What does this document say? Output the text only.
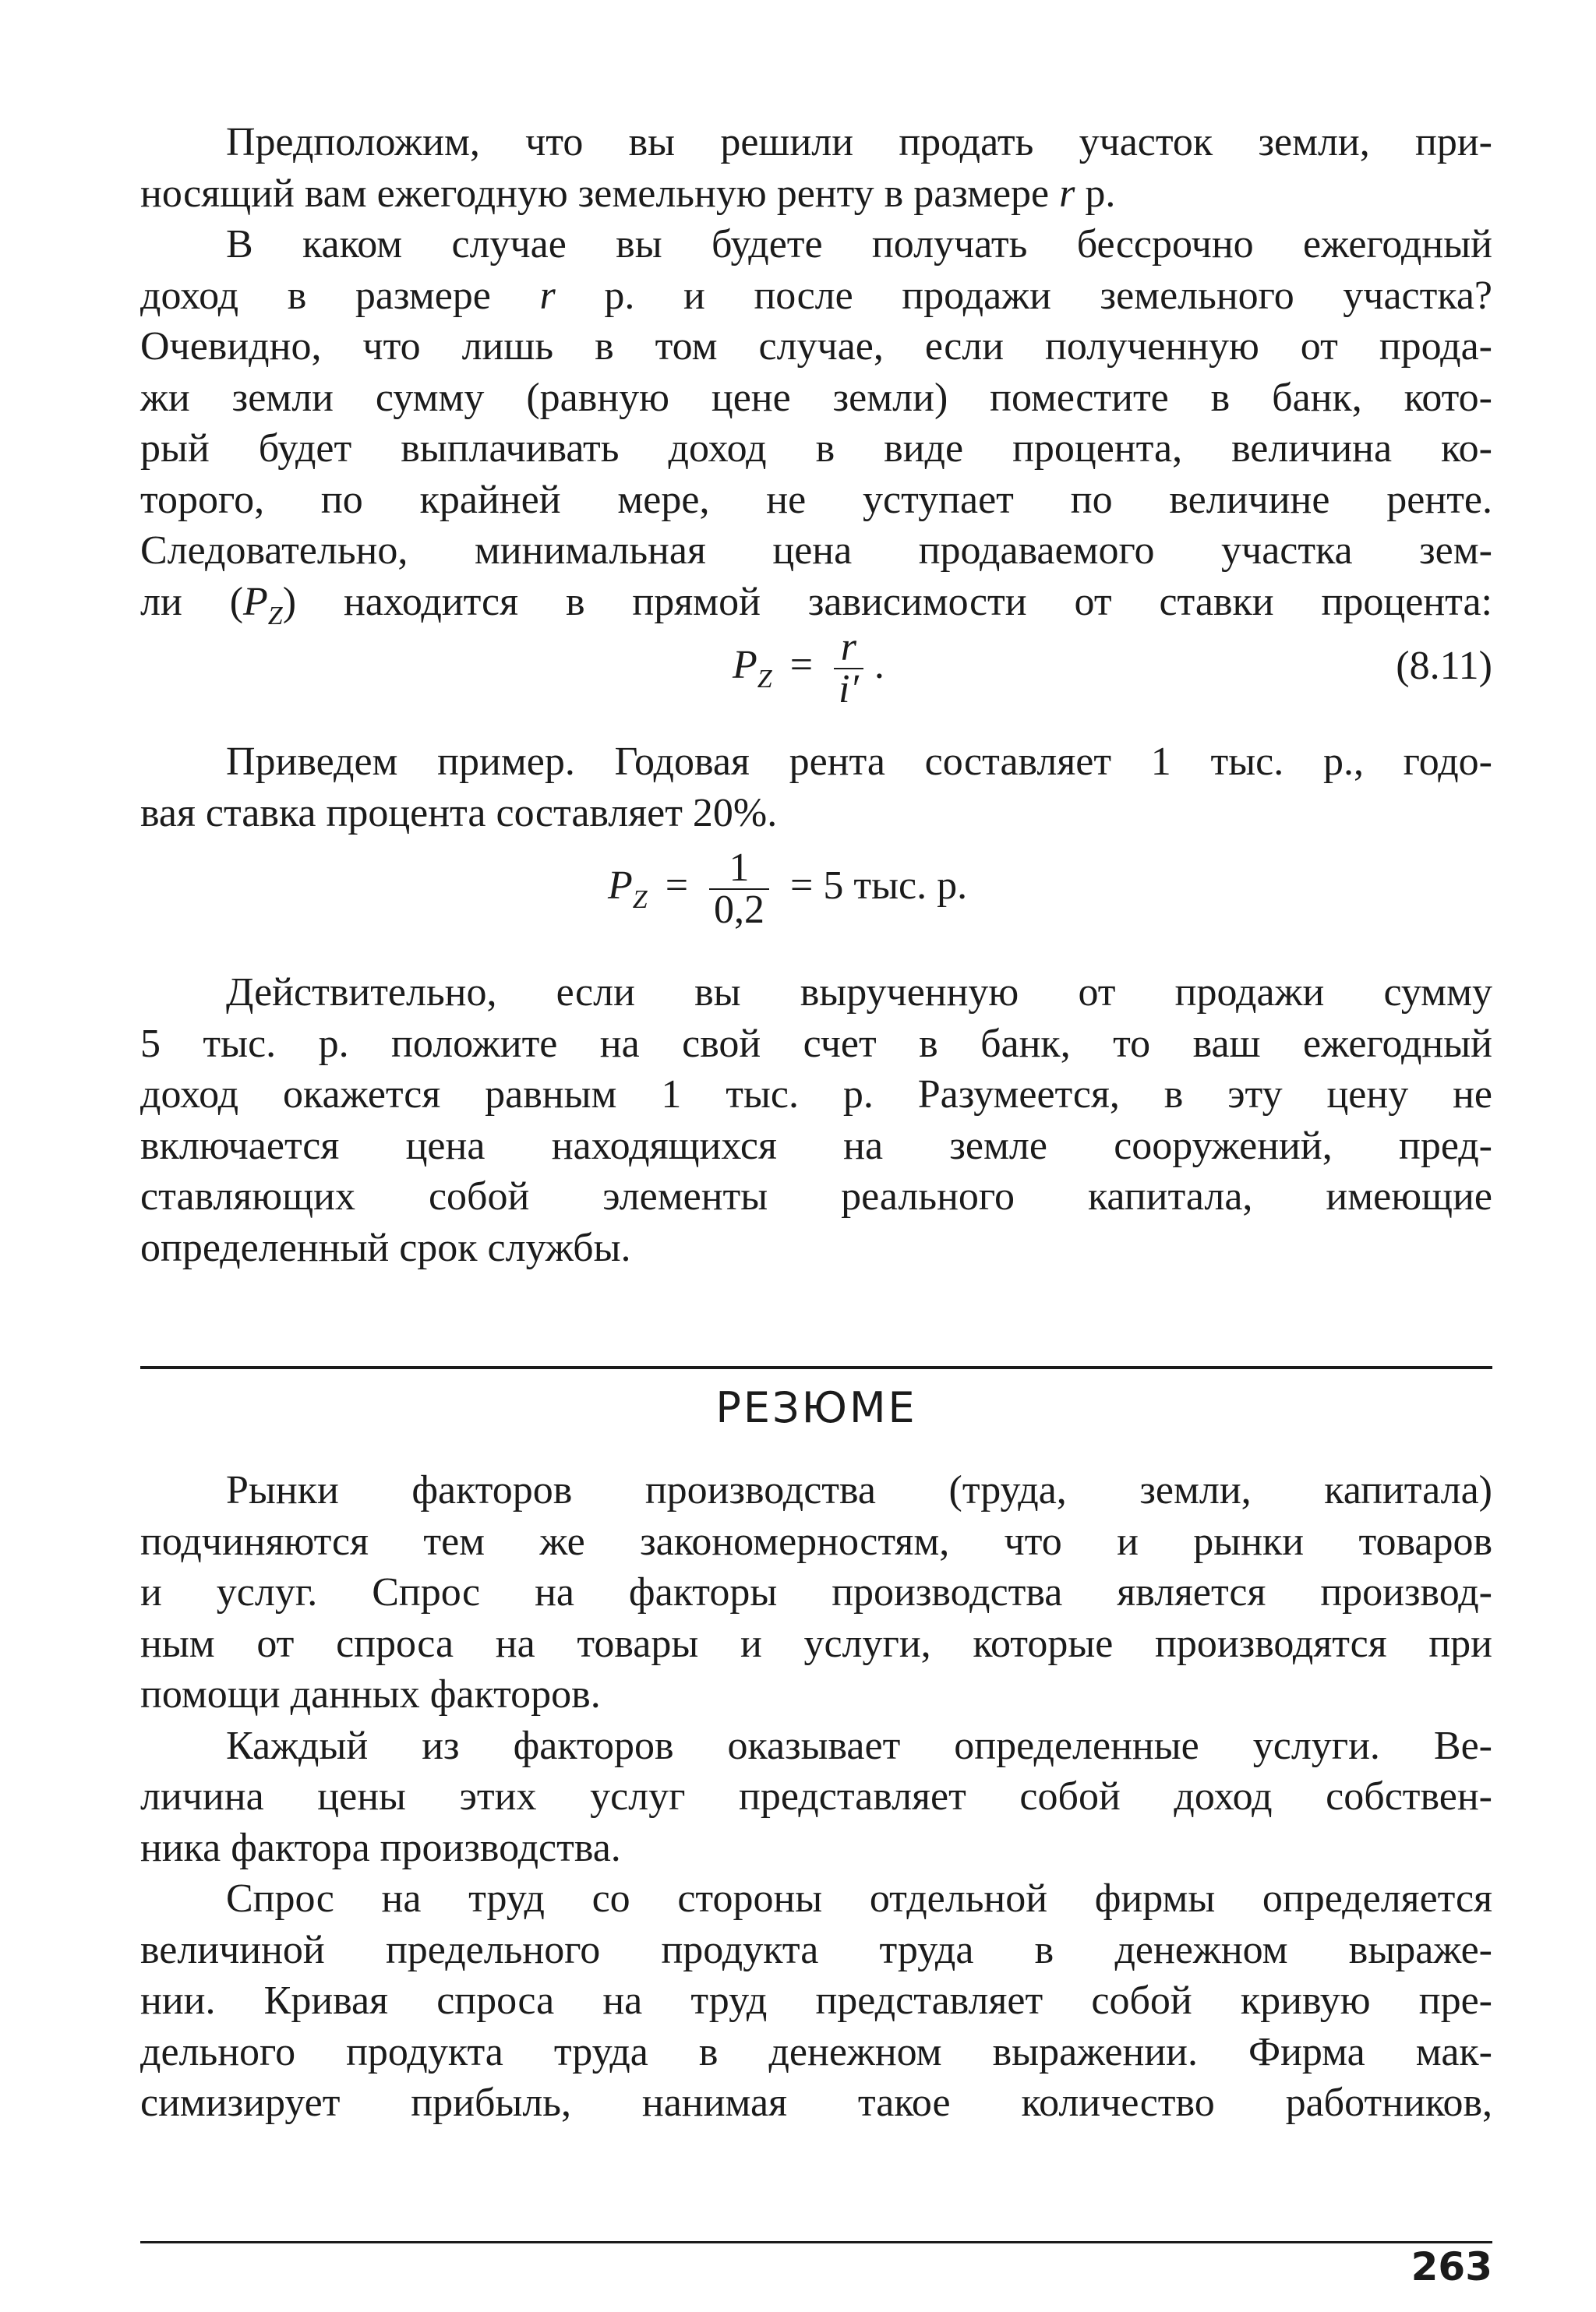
Предположим, что вы решили продать участок земли, при-
носящий вам ежегодную земельную ренту в размере r р.
В каком случае вы будете получать бессрочно ежегодный
доход в размере r р. и после продажи земельного участка?
Очевидно, что лишь в том случае, если полученную от прода-
жи земли сумму (равную цене земли) поместите в банк, кото-
рый будет выплачивать доход в виде процента, величина ко-
торого, по крайней мере, не уступает по величине ренте.
Следовательно, минимальная цена продаваемого участка зем-
ли $(P_Z)$ находится в прямой зависимости от ставки процента:
$P_Z = \frac{r}{i'}$ .	(8.11)
Приведем пример. Годовая рента составляет 1 тыс. р., годо-
вая ставка процента составляет 20%.
$P_Z = \frac{1}{0,2} = 5$ тыс. р.
Действительно, если вы вырученную от продажи сумму
5 тыс. р. положите на свой счет в банк, то ваш ежегодный
доход окажется равным 1 тыс. р. Разумеется, в эту цену не
включается цена находящихся на земле сооружений, пред-
ставляющих собой элементы реального капитала, имеющие
определенный срок службы.
РЕЗЮМЕ
Рынки факторов производства (труда, земли, капитала)
подчиняются тем же закономерностям, что и рынки товаров
и услуг. Спрос на факторы производства является производ-
ным от спроса на товары и услуги, которые производятся при
помощи данных факторов.
Каждый из факторов оказывает определенные услуги. Ве-
личина цены этих услуг представляет собой доход собствен-
ника фактора производства.
Спрос на труд со стороны отдельной фирмы определяется
величиной предельного продукта труда в денежном выраже-
нии. Кривая спроса на труд представляет собой кривую пре-
дельного продукта труда в денежном выражении. Фирма мак-
симизирует прибыль, нанимая такое количество работников,
263
